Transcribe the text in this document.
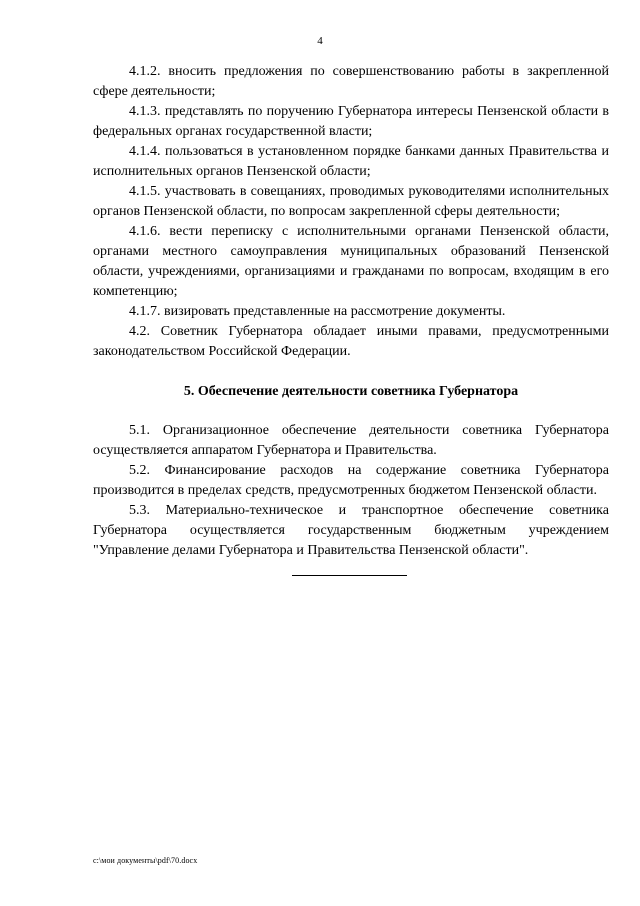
4

4.1.2. вносить предложения по совершенствованию работы в закрепленной сфере деятельности;

4.1.3. представлять по поручению Губернатора интересы Пензенской области в федеральных органах государственной власти;

4.1.4. пользоваться в установленном порядке банками данных Правительства и исполнительных органов Пензенской области;

4.1.5. участвовать в совещаниях, проводимых руководителями исполнительных органов Пензенской области, по вопросам закрепленной сферы деятельности;

4.1.6. вести переписку с исполнительными органами Пензенской области, органами местного самоуправления муниципальных образований Пензенской области, учреждениями, организациями и гражданами по вопросам, входящим в его компетенцию;

4.1.7. визировать представленные на рассмотрение документы.

4.2. Советник Губернатора обладает иными правами, предусмотренными законодательством Российской Федерации.

5. Обеспечение деятельности советника Губернатора

5.1. Организационное обеспечение деятельности советника Губернатора осуществляется аппаратом Губернатора и Правительства.

5.2. Финансирование расходов на содержание советника Губернатора производится в пределах средств, предусмотренных бюджетом Пензенской области.

5.3. Материально-техническое и транспортное обеспечение советника Губернатора осуществляется государственным бюджетным учреждением "Управление делами Губернатора и Правительства Пензенской области".

c:\мои документы\pdf\70.docx
